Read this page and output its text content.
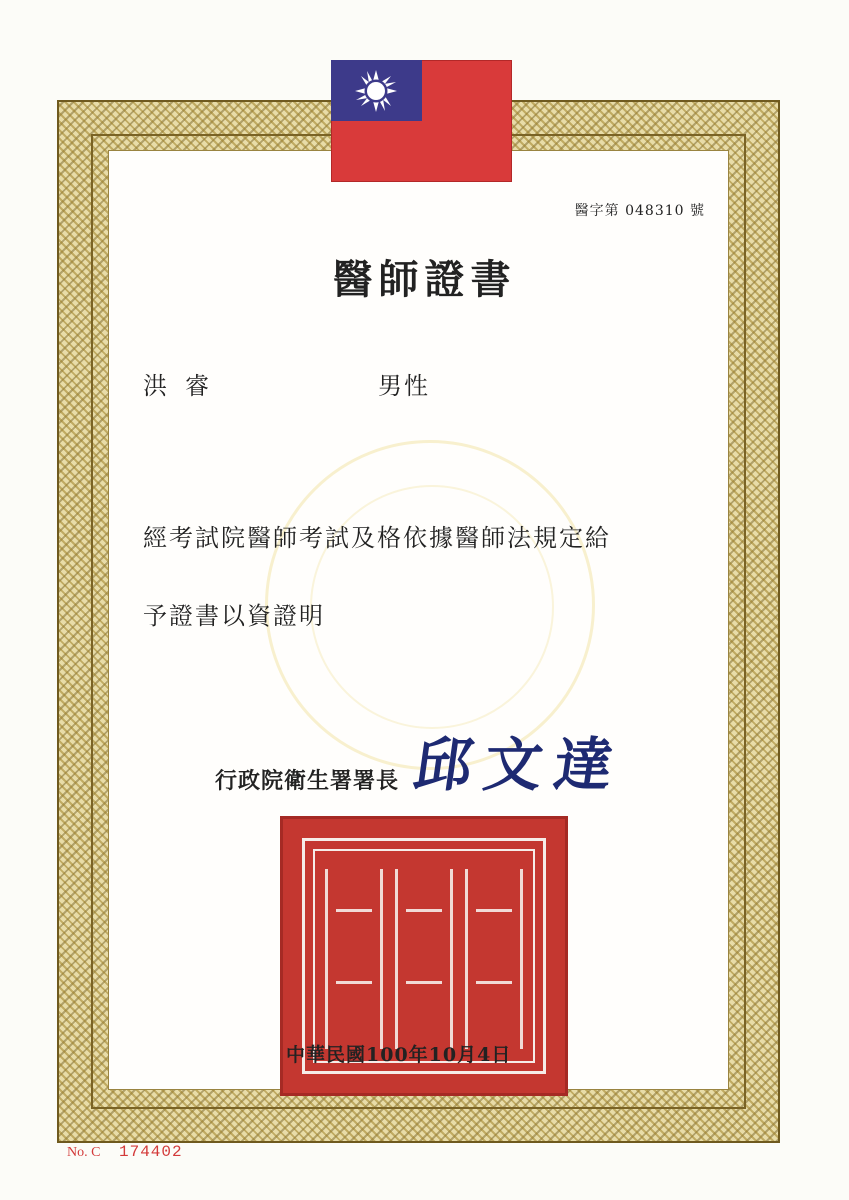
醫字第 048310 號
醫師證書
洪睿	男性
經考試院醫師考試及格依據醫師法規定給
予證書以資證明
行政院衛生署署長 邱文達
中華民國100年10月4日
No. C 174402
